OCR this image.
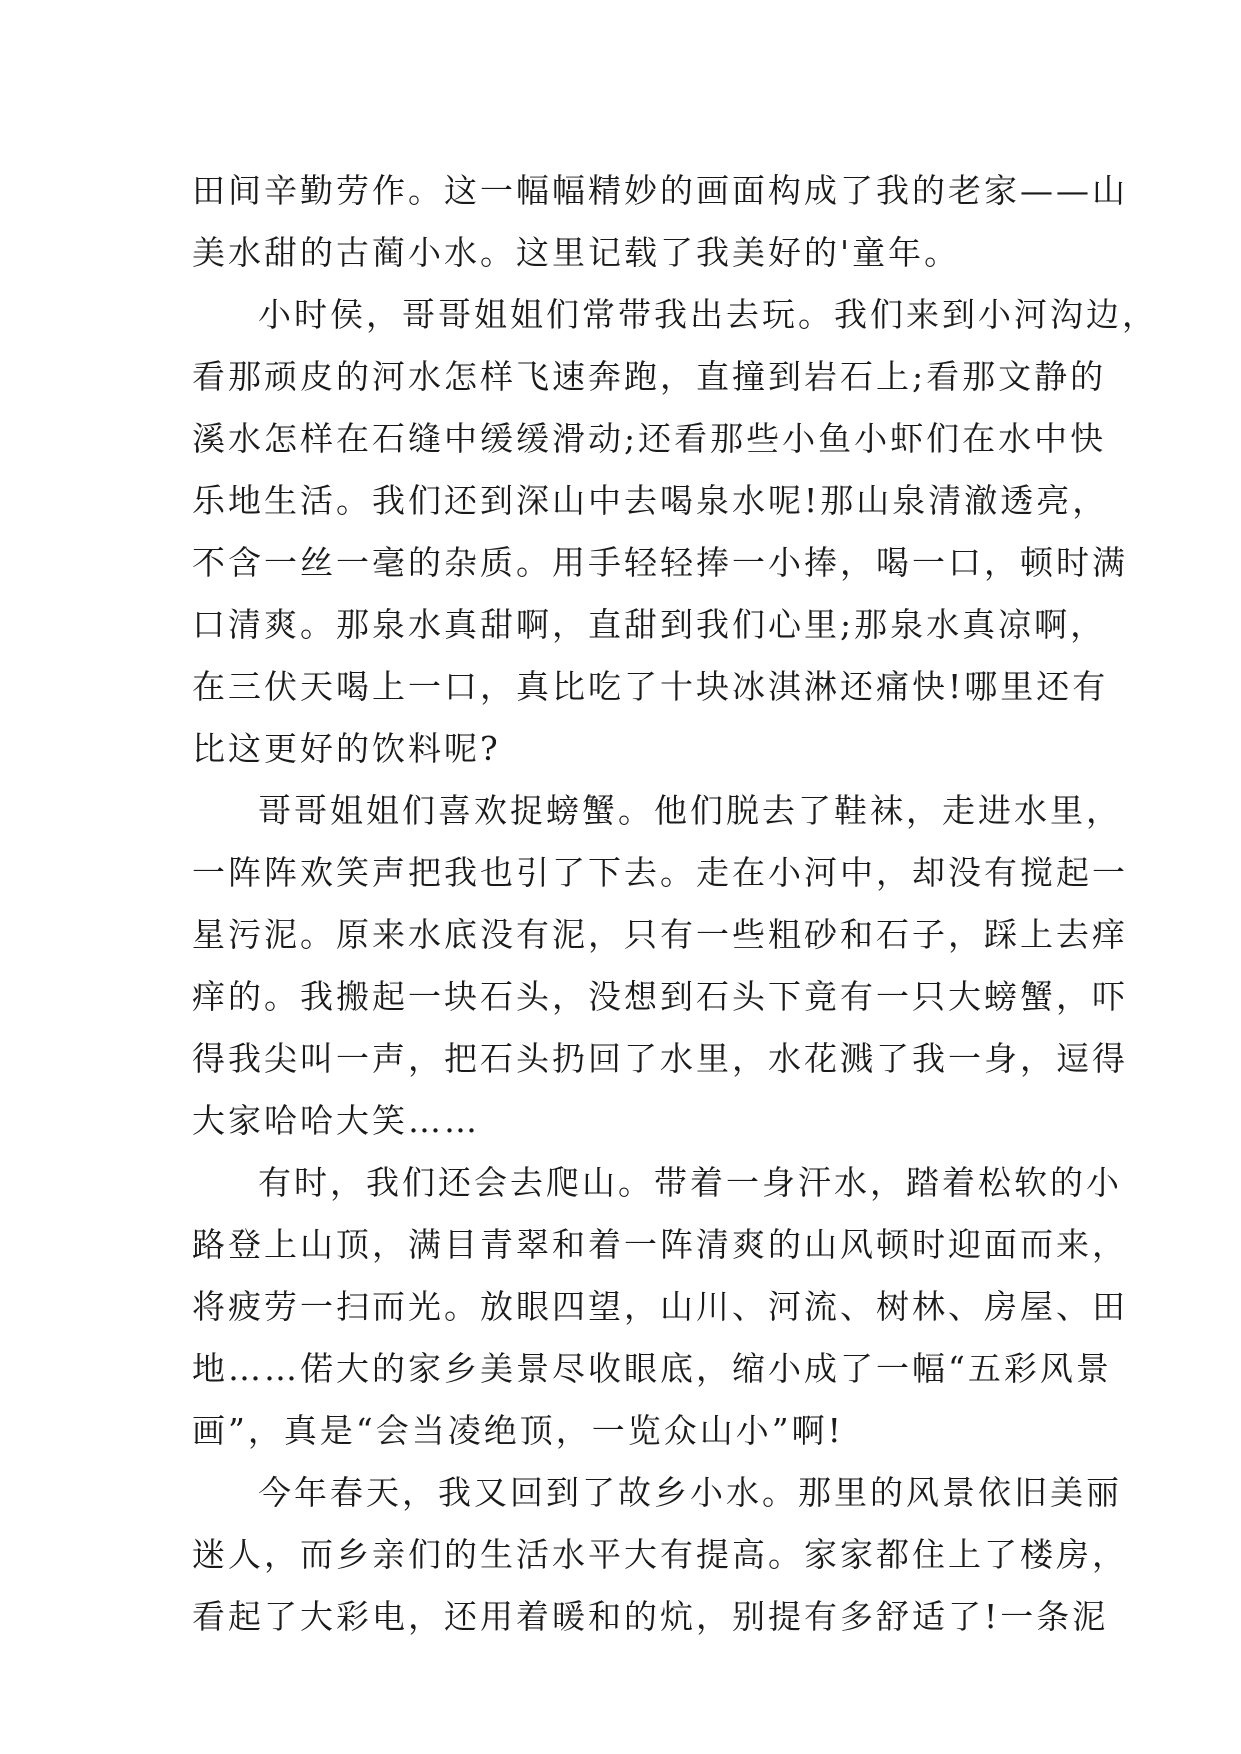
田间辛勤劳作。这一幅幅精妙的画面构成了我的老家——山
美水甜的古蔺小水。这里记载了我美好的'童年。
小时侯，哥哥姐姐们常带我出去玩。我们来到小河沟边，
看那顽皮的河水怎样飞速奔跑，直撞到岩石上;看那文静的
溪水怎样在石缝中缓缓滑动;还看那些小鱼小虾们在水中快
乐地生活。我们还到深山中去喝泉水呢!那山泉清澈透亮，
不含一丝一毫的杂质。用手轻轻捧一小捧，喝一口，顿时满
口清爽。那泉水真甜啊，直甜到我们心里;那泉水真凉啊，
在三伏天喝上一口，真比吃了十块冰淇淋还痛快!哪里还有
比这更好的饮料呢?
哥哥姐姐们喜欢捉螃蟹。他们脱去了鞋袜，走进水里，
一阵阵欢笑声把我也引了下去。走在小河中，却没有搅起一
星污泥。原来水底没有泥，只有一些粗砂和石子，踩上去痒
痒的。我搬起一块石头，没想到石头下竟有一只大螃蟹，吓
得我尖叫一声，把石头扔回了水里，水花溅了我一身，逗得
大家哈哈大笑……
有时，我们还会去爬山。带着一身汗水，踏着松软的小
路登上山顶，满目青翠和着一阵清爽的山风顿时迎面而来，
将疲劳一扫而光。放眼四望，山川、河流、树林、房屋、田
地……偌大的家乡美景尽收眼底，缩小成了一幅“五彩风景
画”，真是“会当凌绝顶，一览众山小”啊!
今年春天，我又回到了故乡小水。那里的风景依旧美丽
迷人，而乡亲们的生活水平大有提高。家家都住上了楼房，
看起了大彩电，还用着暖和的炕，别提有多舒适了!一条泥
